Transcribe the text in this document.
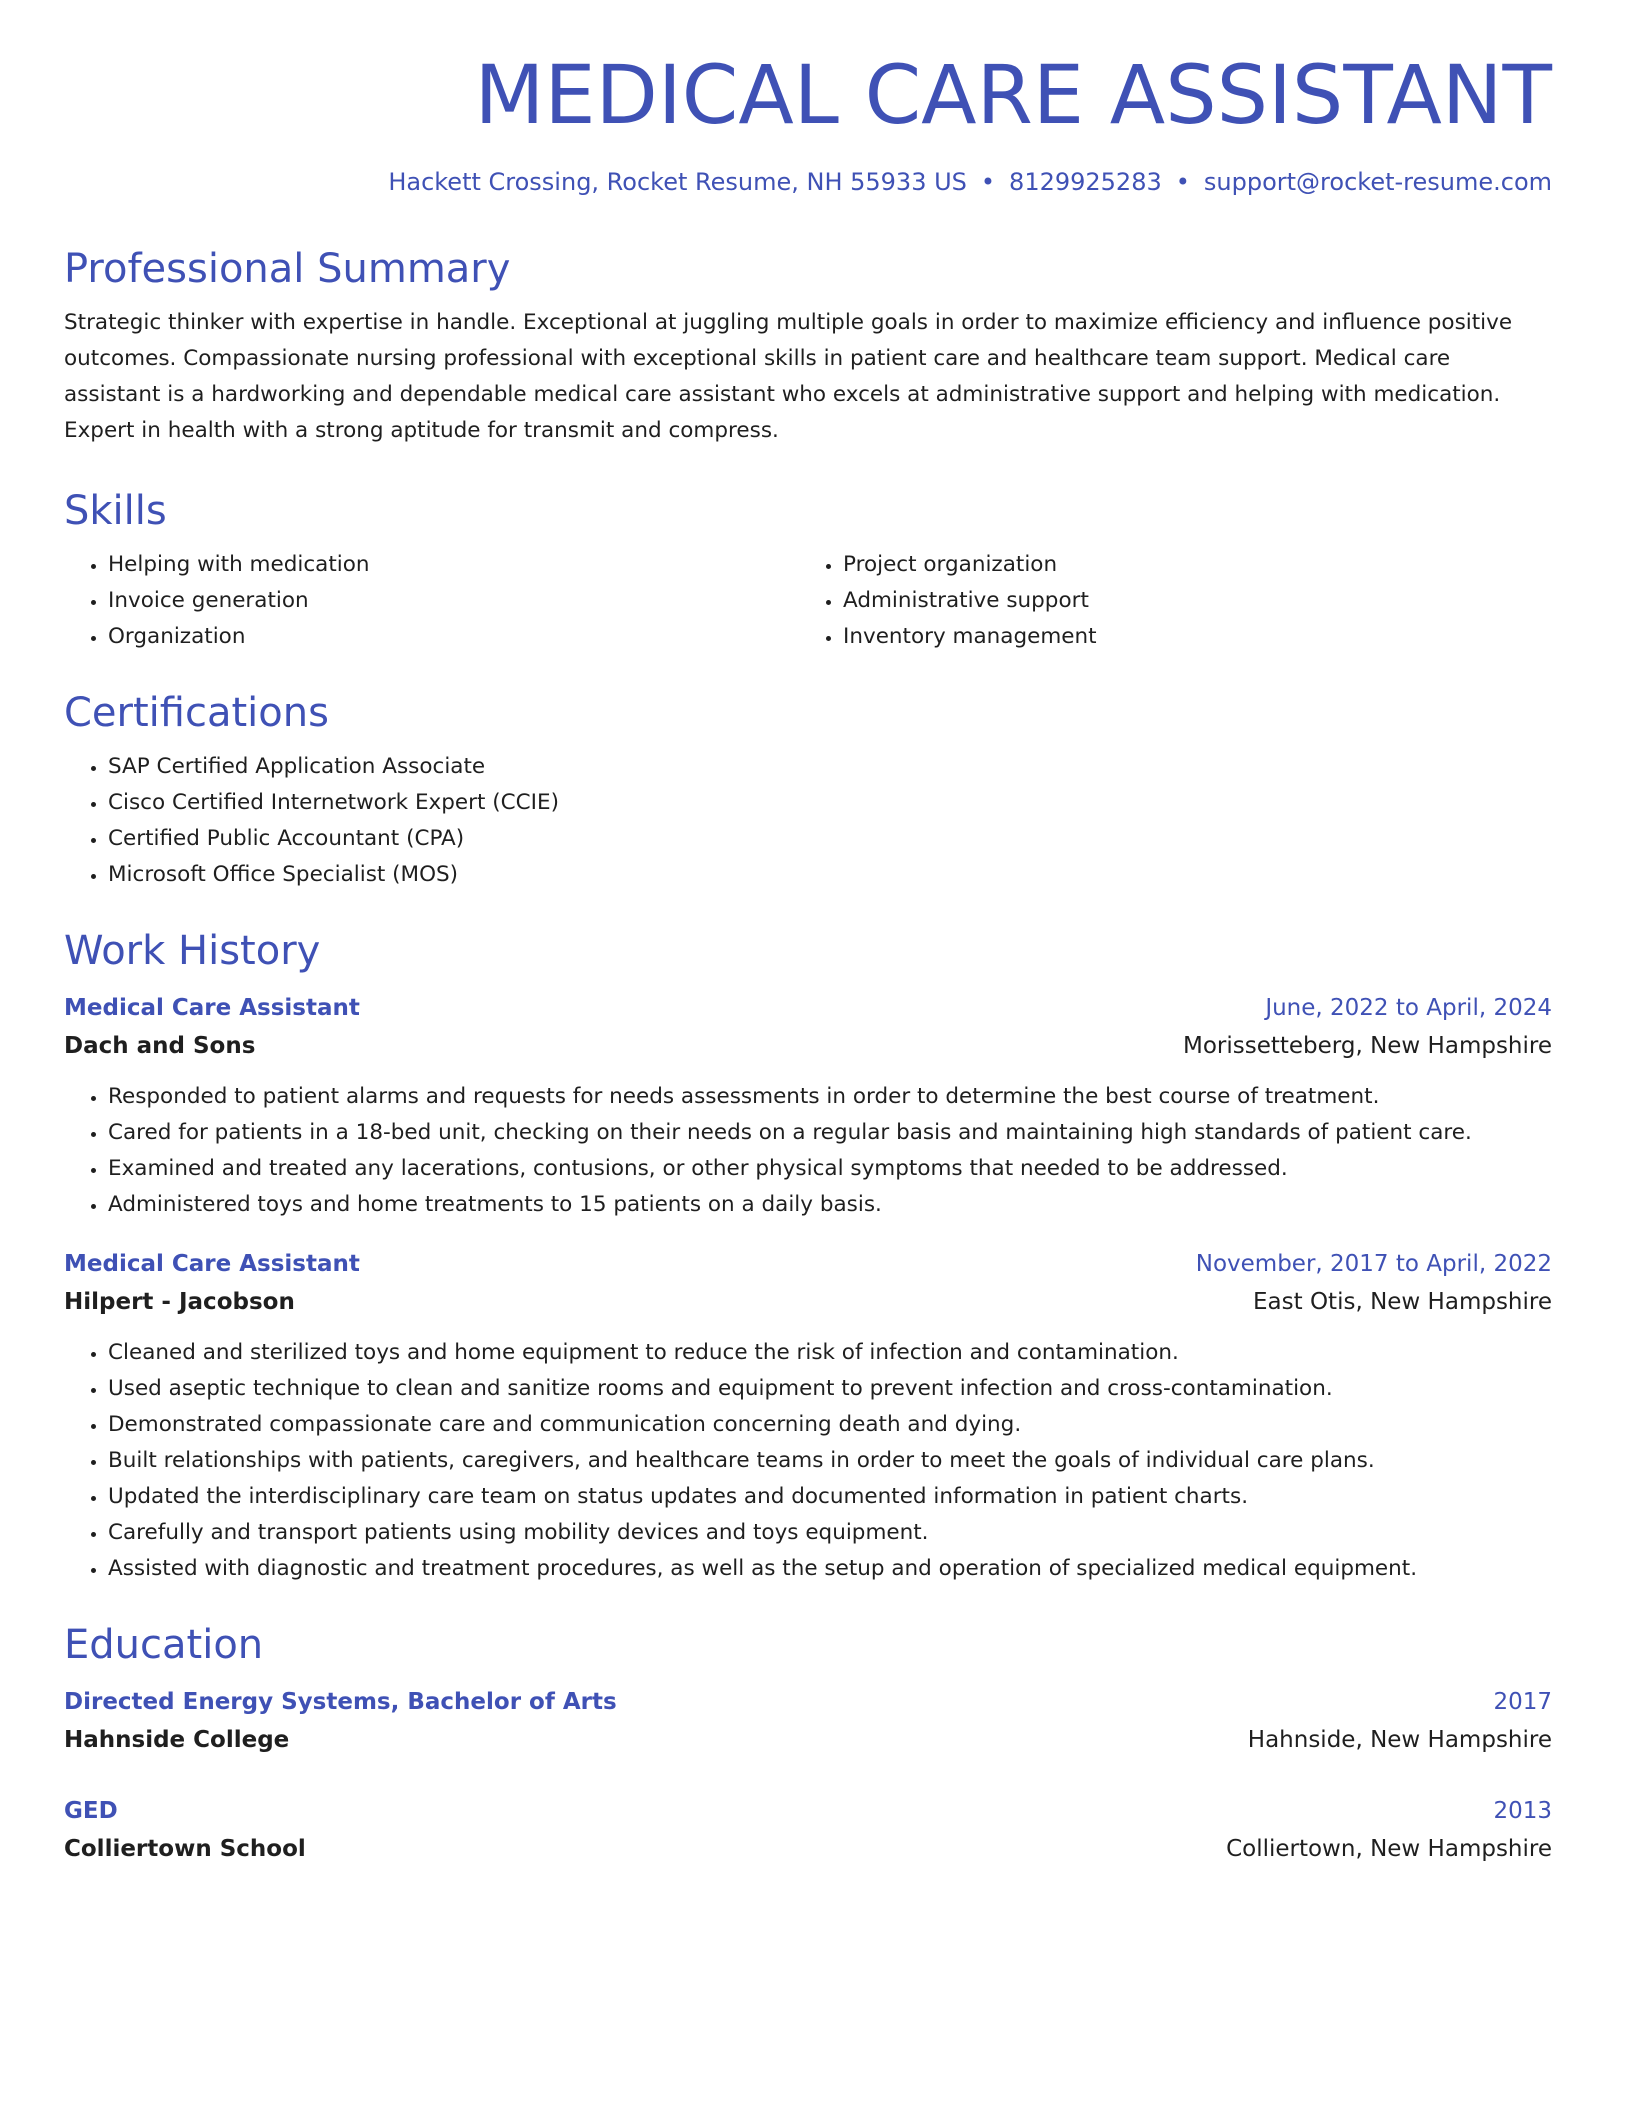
MEDICAL CARE ASSISTANT
Hackett Crossing, Rocket Resume, NH 55933 US • 8129925283 • support@rocket-resume.com
Professional Summary

Strategic thinker with expertise in handle. Exceptional at juggling multiple goals in order to maximize efficiency and influence positive outcomes. Compassionate nursing professional with exceptional skills in patient care and healthcare team support. Medical care assistant is a hardworking and dependable medical care assistant who excels at administrative support and helping with medication. Expert in health with a strong aptitude for transmit and compress.

Skills
• Helping with medication
• Invoice generation
• Organization
• Project organization
• Administrative support
• Inventory management
Certifications
• SAP Certified Application Associate
• Cisco Certified Internetwork Expert (CCIE)
• Certified Public Accountant (CPA)
• Microsoft Office Specialist (MOS)
Work History
Medical Care Assistant	June, 2022 to April, 2024
Dach and Sons	Morissetteberg, New Hampshire
• Responded to patient alarms and requests for needs assessments in order to determine the best course of treatment.
• Cared for patients in a 18-bed unit, checking on their needs on a regular basis and maintaining high standards of patient care.
• Examined and treated any lacerations, contusions, or other physical symptoms that needed to be addressed.
• Administered toys and home treatments to 15 patients on a daily basis.
Medical Care Assistant	November, 2017 to April, 2022
Hilpert - Jacobson	East Otis, New Hampshire
• Cleaned and sterilized toys and home equipment to reduce the risk of infection and contamination.
• Used aseptic technique to clean and sanitize rooms and equipment to prevent infection and cross-contamination.
• Demonstrated compassionate care and communication concerning death and dying.
• Built relationships with patients, caregivers, and healthcare teams in order to meet the goals of individual care plans.
• Updated the interdisciplinary care team on status updates and documented information in patient charts.
• Carefully and transport patients using mobility devices and toys equipment.
• Assisted with diagnostic and treatment procedures, as well as the setup and operation of specialized medical equipment.
Education
Directed Energy Systems, Bachelor of Arts	2017
Hahnside College	Hahnside, New Hampshire
GED	2013
Colliertown School	Colliertown, New Hampshire
